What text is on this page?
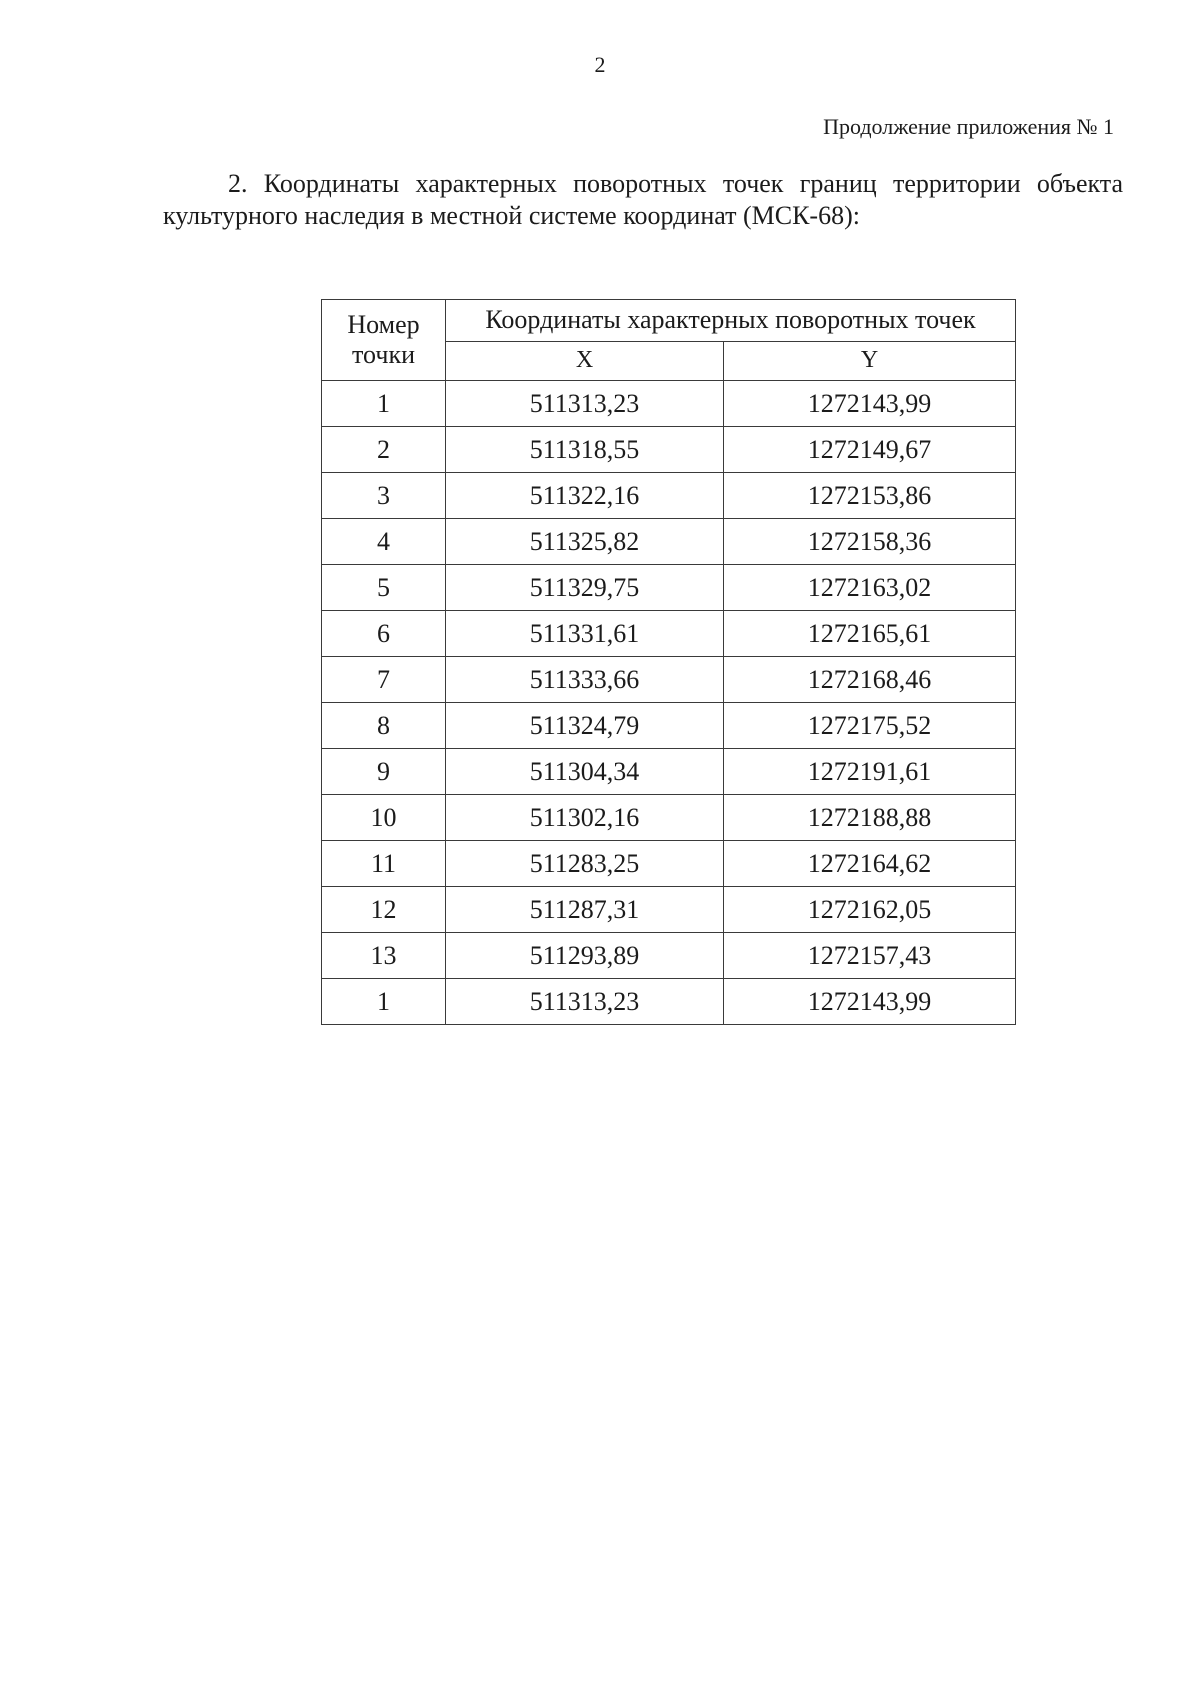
2
Продолжение приложения № 1

2. Координаты характерных поворотных точек границ территории объекта культурного наследия в местной системе координат (МСК-68):

Номер точки	Координаты характерных поворотных точек	
	X	Y
1	511313,23	1272143,99
2	511318,55	1272149,67
3	511322,16	1272153,86
4	511325,82	1272158,36
5	511329,75	1272163,02
6	511331,61	1272165,61
7	511333,66	1272168,46
8	511324,79	1272175,52
9	511304,34	1272191,61
10	511302,16	1272188,88
11	511283,25	1272164,62
12	511287,31	1272162,05
13	511293,89	1272157,43
1	511313,23	1272143,99
